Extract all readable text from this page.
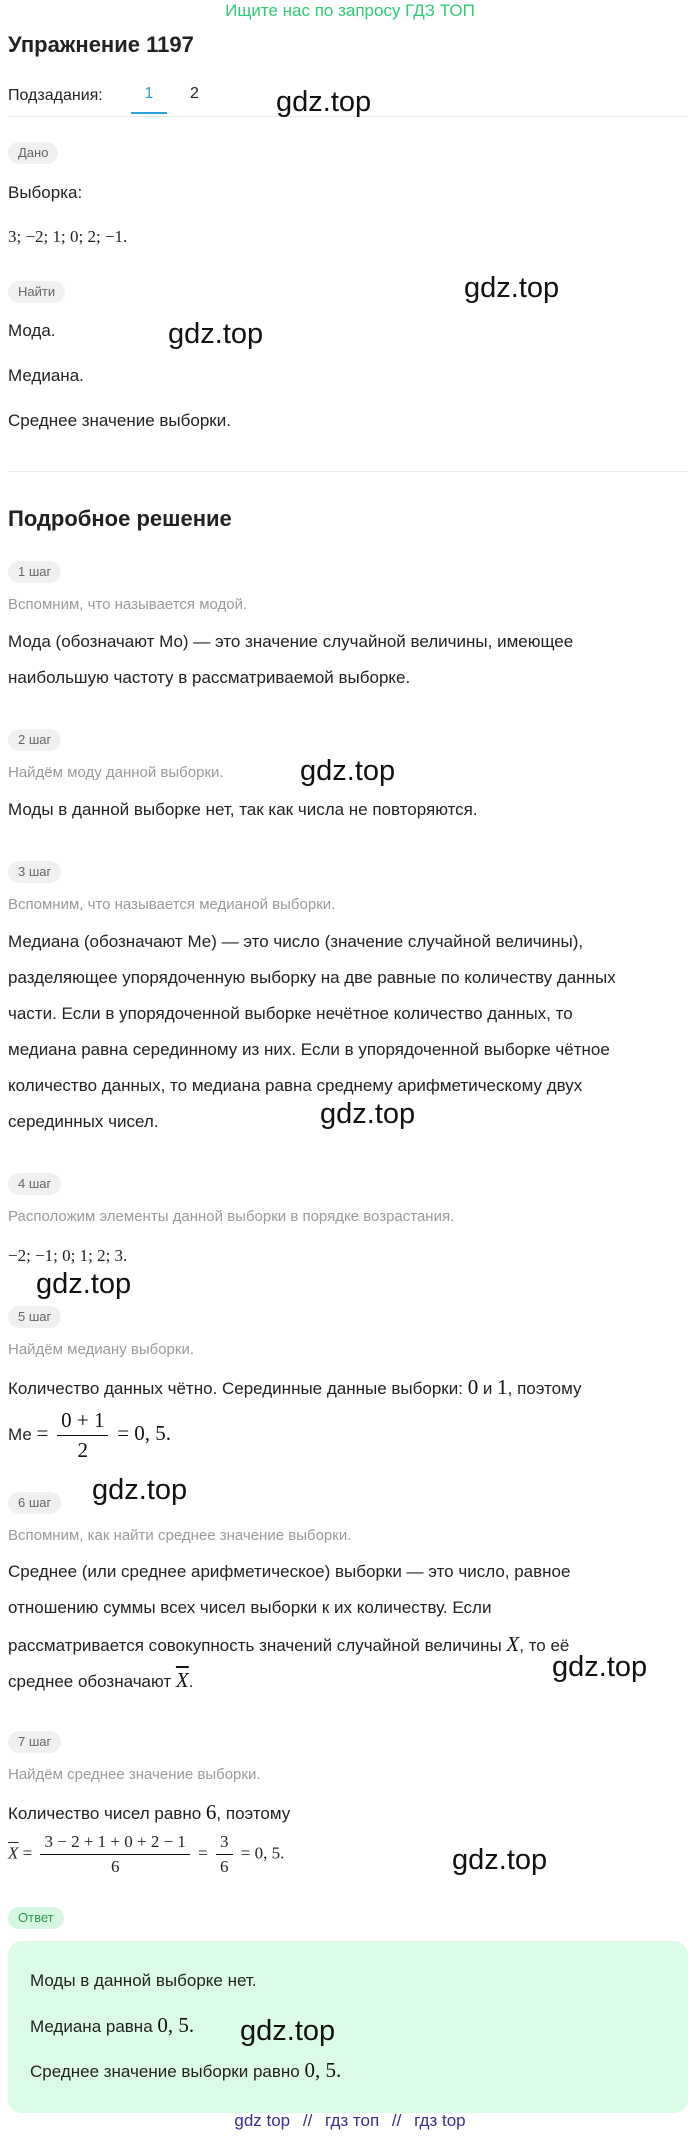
Ищите нас по запросу ГДЗ ТОП
Упражнение 1197
Подзадания:	1	2
Дано
Выборка:
3; −2; 1; 0; 2; −1.
Найти
Мода.
Медиана.
Среднее значение выборки.
Подробное решение
1 шаг
Вспомним, что называется модой.
Мода (обозначают Мо) — это значение случайной величины, имеющее
наибольшую частоту в рассматриваемой выборке.
2 шаг
Найдём моду данной выборки.
Моды в данной выборке нет, так как числа не повторяются.
3 шаг
Вспомним, что называется медианой выборки.
Медиана (обозначают Ме) — это число (значение случайной величины),
разделяющее упорядоченную выборку на две равные по количеству данных
части. Если в упорядоченной выборке нечётное количество данных, то
медиана равна серединному из них. Если в упорядоченной выборке чётное
количество данных, то медиана равна среднему арифметическому двух
серединных чисел.
4 шаг
Расположим элементы данной выборки в порядке возрастания.
−2; −1; 0; 1; 2; 3.
5 шаг
Найдём медиану выборки.
Количество данных чётно. Серединные данные выборки: 0 и 1, поэтому
Ме = $\frac{0 + 1}{2} = 0$, 5.
6 шаг
Вспомним, как найти среднее значение выборки.
Среднее (или среднее арифметическое) выборки — это число, равное
отношению суммы всех чисел выборки к их количеству. Если
рассматривается совокупность значений случайной величины X, то её
среднее обозначают $\overline{X}$.
7 шаг
Найдём среднее значение выборки.
Количество чисел равно 6, поэтому
$\overline{X} = \frac{3 - 2 + 1 + 0 + 2 - 1}{6} = \frac{3}{6} = 0$, 5.
Ответ
Моды в данной выборке нет.
Медиана равна 0, 5.
Среднее значение выборки равно 0, 5.
gdz.top
gdz.top
gdz.top
gdz.top
gdz.top
gdz.top
gdz.top
gdz.top
gdz.top
gdz.top
gdz top // гдз топ // гдз top
